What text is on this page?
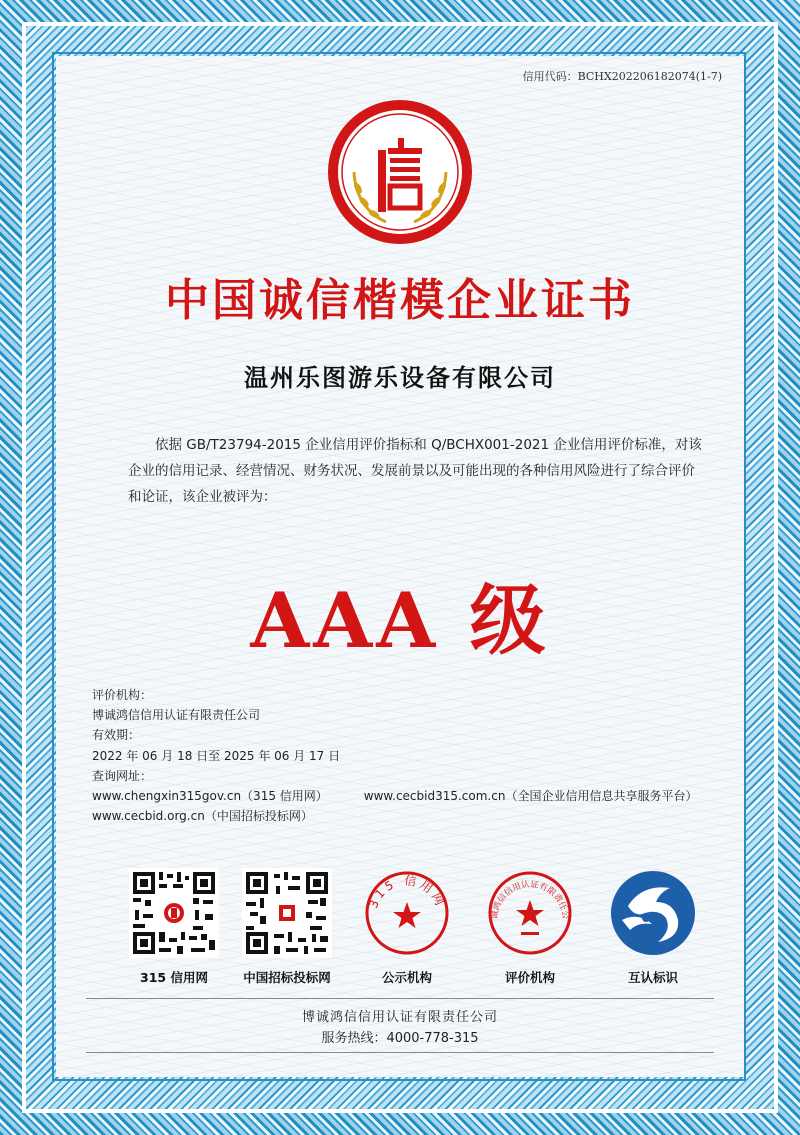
信用代码：BCHX202206182074(1-7)
企业信用评价
中国诚信楷模企业证书
温州乐图游乐设备有限公司
依据 GB/T23794-2015 企业信用评价指标和 Q/BCHX001-2021 企业信用评价标准，对该企业的信用记录、经营情况、财务状况、发展前景以及可能出现的各种信用风险进行了综合评价和论证，该企业被评为：
AAA 级
评价机构：
博诚鸿信信用认证有限责任公司
有效期：
2022 年 06 月 18 日至 2025 年 06 月 17 日
查询网址：
www.chengxin315gov.cn（315 信用网）	www.cecbid315.com.cn（全国企业信用信息共享服务平台）
www.cecbid.org.cn（中国招标投标网）
315 信用网	中国招标投标网
315 信用网
公示机构
诚鸿信信用认证有限责任公
评价机构	互认标识
博诚鸿信信用认证有限责任公司
服务热线：4000-778-315
